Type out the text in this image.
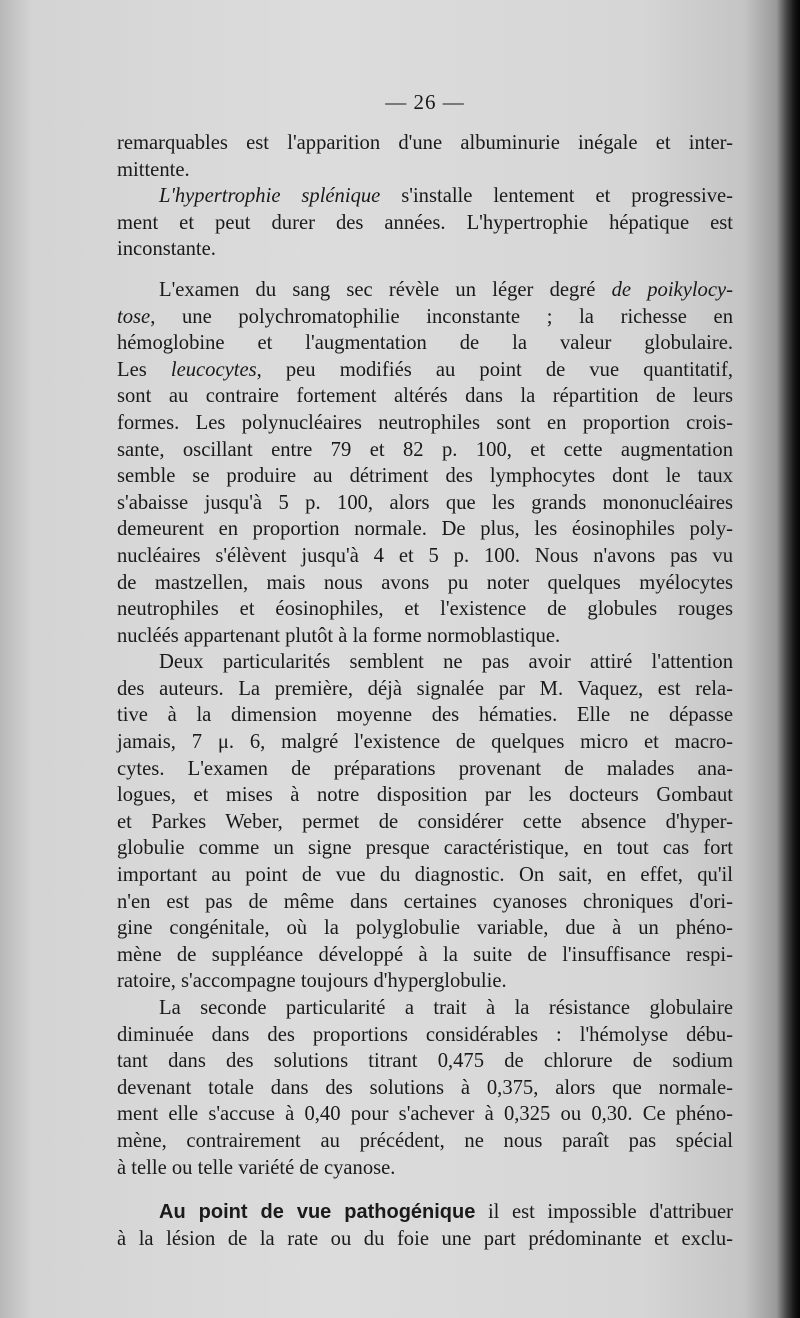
— 26 —

remarquables est l'apparition d'une albuminurie inégale et inter-
mittente.

L'hypertrophie splénique s'installe lentement et progressive-
ment et peut durer des années. L'hypertrophie hépatique est
inconstante.

L'examen du sang sec révèle un léger degré de poikylocy-
tose, une polychromatophilie inconstante ; la richesse en
hémoglobine et l'augmentation de la valeur globulaire.
Les leucocytes, peu modifiés au point de vue quantitatif,
sont au contraire fortement altérés dans la répartition de leurs
formes. Les polynucléaires neutrophiles sont en proportion crois-
sante, oscillant entre 79 et 82 p. 100, et cette augmentation
semble se produire au détriment des lymphocytes dont le taux
s'abaisse jusqu'à 5 p. 100, alors que les grands mononucléaires
demeurent en proportion normale. De plus, les éosinophiles poly-
nucléaires s'élèvent jusqu'à 4 et 5 p. 100. Nous n'avons pas vu
de mastzellen, mais nous avons pu noter quelques myélocytes
neutrophiles et éosinophiles, et l'existence de globules rouges
nucléés appartenant plutôt à la forme normoblastique.

Deux particularités semblent ne pas avoir attiré l'attention
des auteurs. La première, déjà signalée par M. Vaquez, est rela-
tive à la dimension moyenne des hématies. Elle ne dépasse
jamais, 7 μ. 6, malgré l'existence de quelques micro et macro-
cytes. L'examen de préparations provenant de malades ana-
logues, et mises à notre disposition par les docteurs Gombaut
et Parkes Weber, permet de considérer cette absence d'hyper-
globulie comme un signe presque caractéristique, en tout cas fort
important au point de vue du diagnostic. On sait, en effet, qu'il
n'en est pas de même dans certaines cyanoses chroniques d'ori-
gine congénitale, où la polyglobulie variable, due à un phéno-
mène de suppléance développé à la suite de l'insuffisance respi-
ratoire, s'accompagne toujours d'hyperglobulie.

La seconde particularité a trait à la résistance globulaire
diminuée dans des proportions considérables : l'hémolyse débu-
tant dans des solutions titrant 0,475 de chlorure de sodium
devenant totale dans des solutions à 0,375, alors que normale-
ment elle s'accuse à 0,40 pour s'achever à 0,325 ou 0,30. Ce phéno-
mène, contrairement au précédent, ne nous paraît pas spécial
à telle ou telle variété de cyanose.

Au point de vue pathogénique il est impossible d'attribuer
à la lésion de la rate ou du foie une part prédominante et exclu-
